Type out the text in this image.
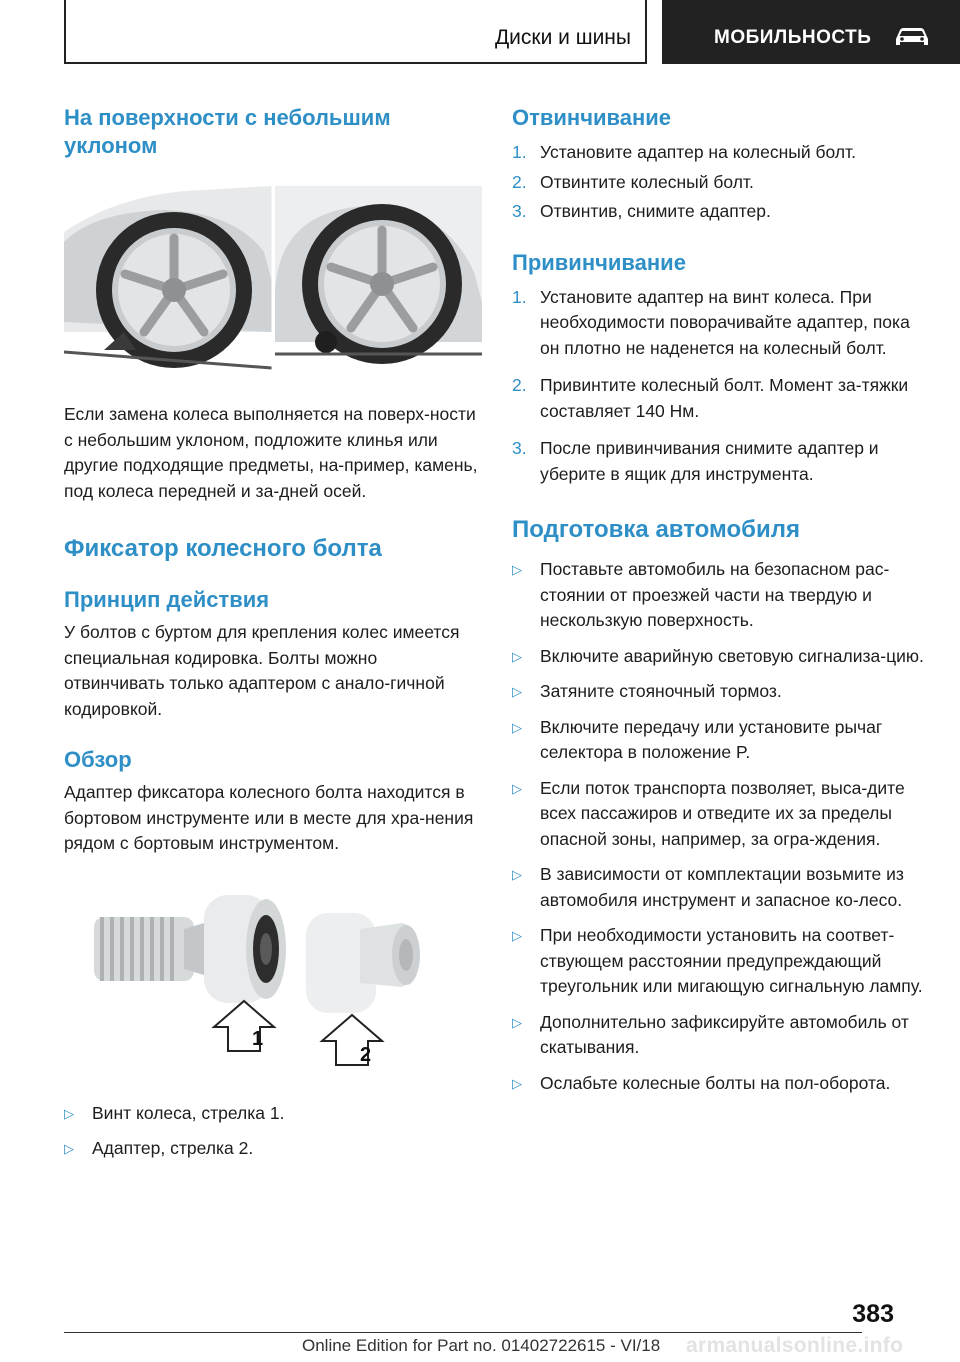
Диски и шины	МОБИЛЬНОСТЬ
На поверхности с небольшим уклоном

Если замена колеса выполняется на поверх-ности с небольшим уклоном, подложите клинья или другие подходящие предметы, на-пример, камень, под колеса передней и за-дней осей.

Фиксатор колесного болта
Принцип действия

У болтов с буртом для крепления колес имеется специальная кодировка. Болты можно отвинчивать только адаптером с анало-гичной кодировкой.

Обзор

Адаптер фиксатора колесного болта находится в бортовом инструменте или в месте для хра-нения рядом с бортовым инструментом.

1
2
▷ Винт колеса, стрелка 1.
▷ Адаптер, стрелка 2.
Отвинчивание
1. Установите адаптер на колесный болт.
2. Отвинтите колесный болт.
3. Отвинтив, снимите адаптер.
Привинчивание
1. Установите адаптер на винт колеса. При необходимости поворачивайте адаптер, пока он плотно не наденется на колесный болт.
2. Привинтите колесный болт. Момент за-тяжки составляет 140 Нм.
3. После привинчивания снимите адаптер и уберите в ящик для инструмента.
Подготовка автомобиля
▷ Поставьте автомобиль на безопасном рас-стоянии от проезжей части на твердую и нескользкую поверхность.
▷ Включите аварийную световую сигнализа-цию.
▷ Затяните стояночный тормоз.
▷ Включите передачу или установите рычаг селектора в положение P.
▷ Если поток транспорта позволяет, выса-дите всех пассажиров и отведите их за пределы опасной зоны, например, за огра-ждения.
▷ В зависимости от комплектации возьмите из автомобиля инструмент и запасное ко-лесо.
▷ При необходимости установить на соответ-ствующем расстоянии предупреждающий треугольник или мигающую сигнальную лампу.
▷ Дополнительно зафиксируйте автомобиль от скатывания.
▷ Ослабьте колесные болты на пол-оборота.
383
Online Edition for Part no. 01402722615 - VI/18 armanualsonline.info
